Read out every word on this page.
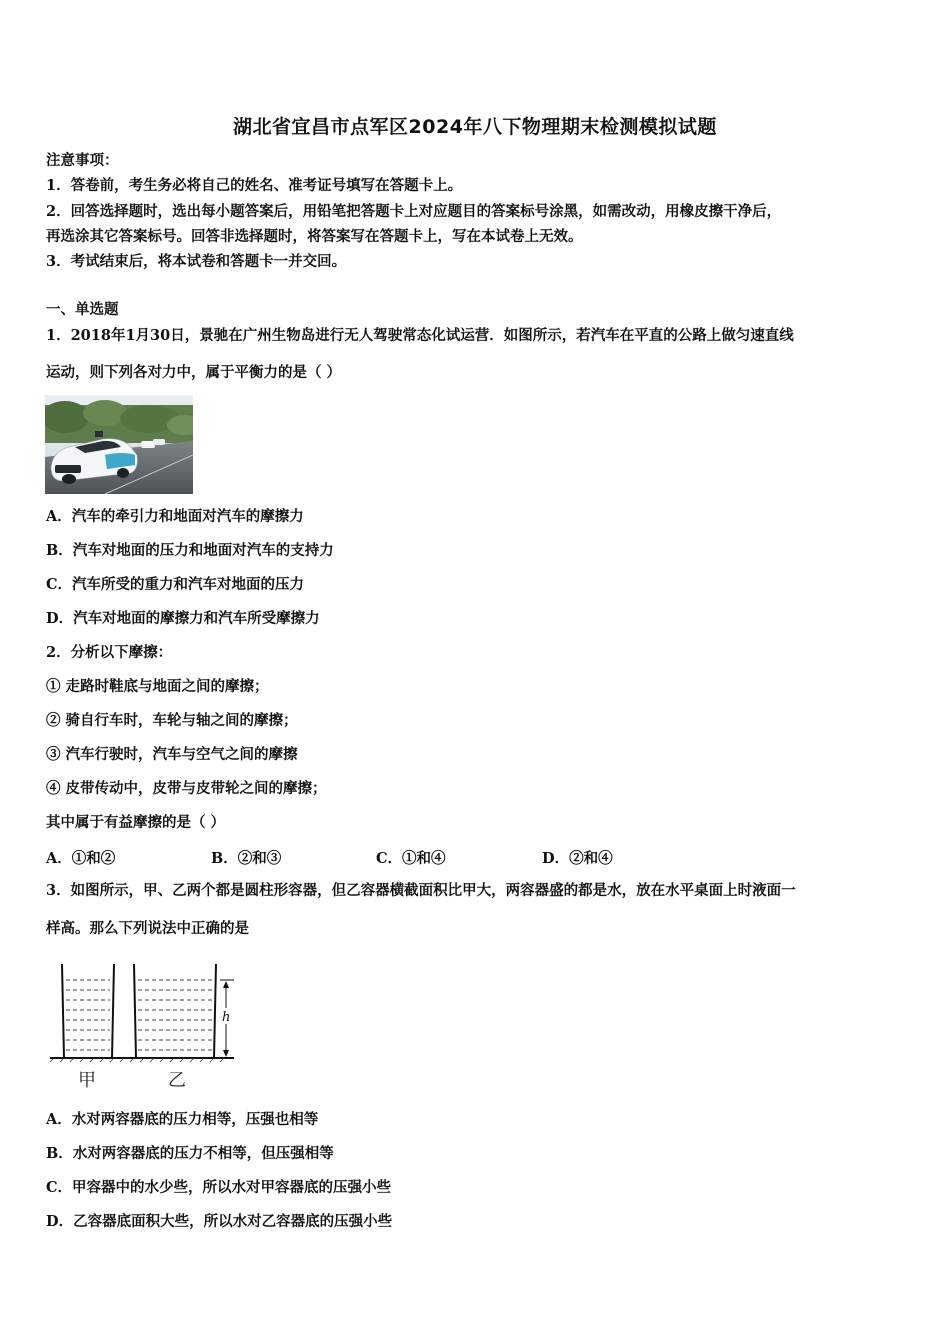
湖北省宜昌市点军区2024年八下物理期末检测模拟试题
注意事项：
1．答卷前，考生务必将自己的姓名、准考证号填写在答题卡上。
2．回答选择题时，选出每小题答案后，用铅笔把答题卡上对应题目的答案标号涂黑，如需改动，用橡皮擦干净后，
再选涂其它答案标号。回答非选择题时，将答案写在答题卡上，写在本试卷上无效。
3．考试结束后，将本试卷和答题卡一并交回。
一、单选题
1．2018年1月30日，景驰在广州生物岛进行无人驾驶常态化试运营．如图所示，若汽车在平直的公路上做匀速直线
运动，则下列各对力中，属于平衡力的是（ ）
A．汽车的牵引力和地面对汽车的摩擦力
B．汽车对地面的压力和地面对汽车的支持力
C．汽车所受的重力和汽车对地面的压力
D．汽车对地面的摩擦力和汽车所受摩擦力
2．分析以下摩擦：
① 走路时鞋底与地面之间的摩擦；
② 骑自行车时，车轮与轴之间的摩擦；
③ 汽车行驶时，汽车与空气之间的摩擦
④ 皮带传动中，皮带与皮带轮之间的摩擦；
其中属于有益摩擦的是（ ）
A．①和②	B．②和③	C．①和④	D．②和④
3．如图所示，甲、乙两个都是圆柱形容器，但乙容器横截面积比甲大，两容器盛的都是水，放在水平桌面上时液面一
样高。那么下列说法中正确的是
h
甲	乙
A．水对两容器底的压力相等，压强也相等
B．水对两容器底的压力不相等，但压强相等
C．甲容器中的水少些，所以水对甲容器底的压强小些
D．乙容器底面积大些，所以水对乙容器底的压强小些
